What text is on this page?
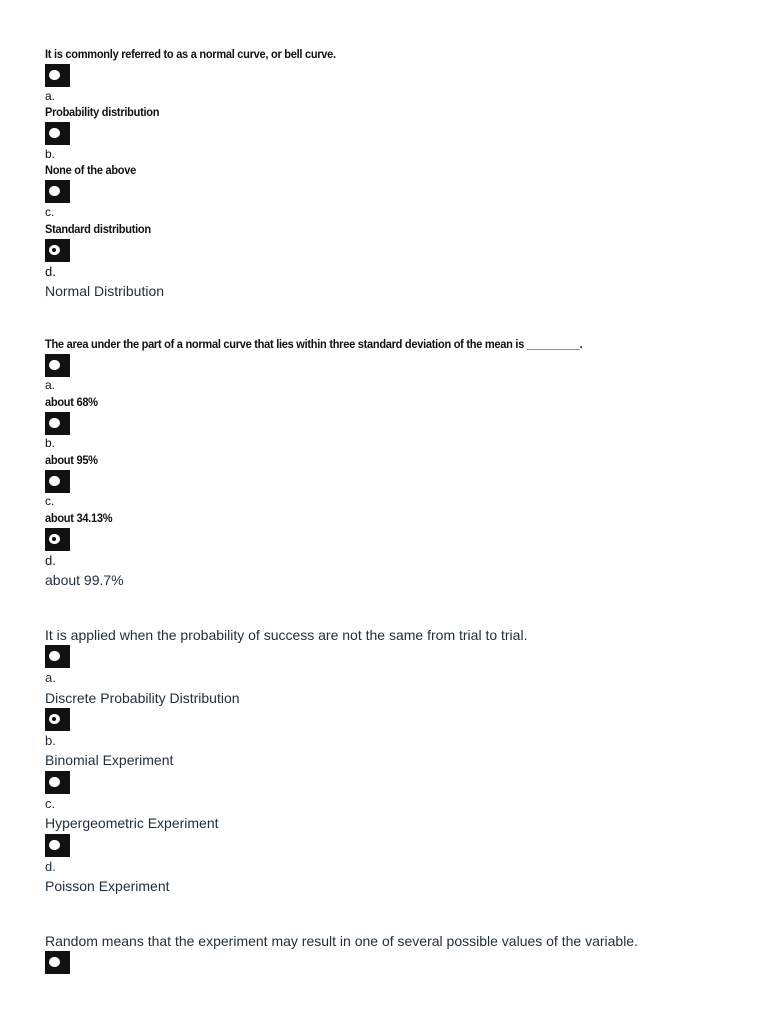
It is commonly referred to as a normal curve, or bell curve.
a.
Probability distribution
b.
None of the above
c.
Standard distribution
d.
Normal Distribution
The area under the part of a normal curve that lies within three standard deviation of the mean is _________.
a.
about 68%
b.
about 95%
c.
about 34.13%
d.
about 99.7%
It is applied when the probability of success are not the same from trial to trial.
a.
Discrete Probability Distribution
b.
Binomial Experiment
c.
Hypergeometric Experiment
d.
Poisson Experiment
Random means that the experiment may result in one of several possible values of the variable.
